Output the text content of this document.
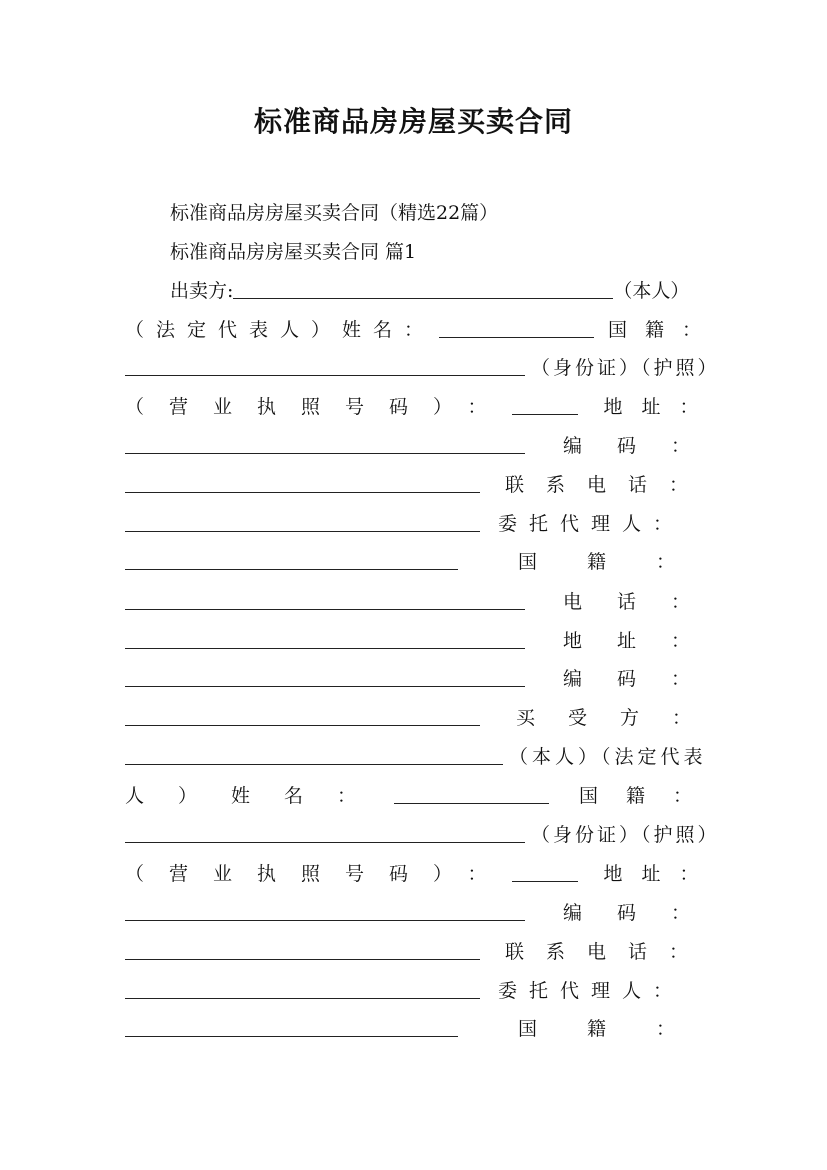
标准商品房房屋买卖合同
标准商品房房屋买卖合同（精选22篇）
标准商品房房屋买卖合同 篇1
出卖方:	（本人）
（法定代表人）姓名：	国籍：
（身份证）（护照）
（营业执照号码）：	地址：
编码：
联系电话：
委托代理人：
国籍：
电话：
地址：
编码：
买受方：
（本人）（法定代表
人）姓名：	国籍：
（身份证）（护照）
（营业执照号码）：	地址：
编码：
联系电话：
委托代理人：
国籍：
